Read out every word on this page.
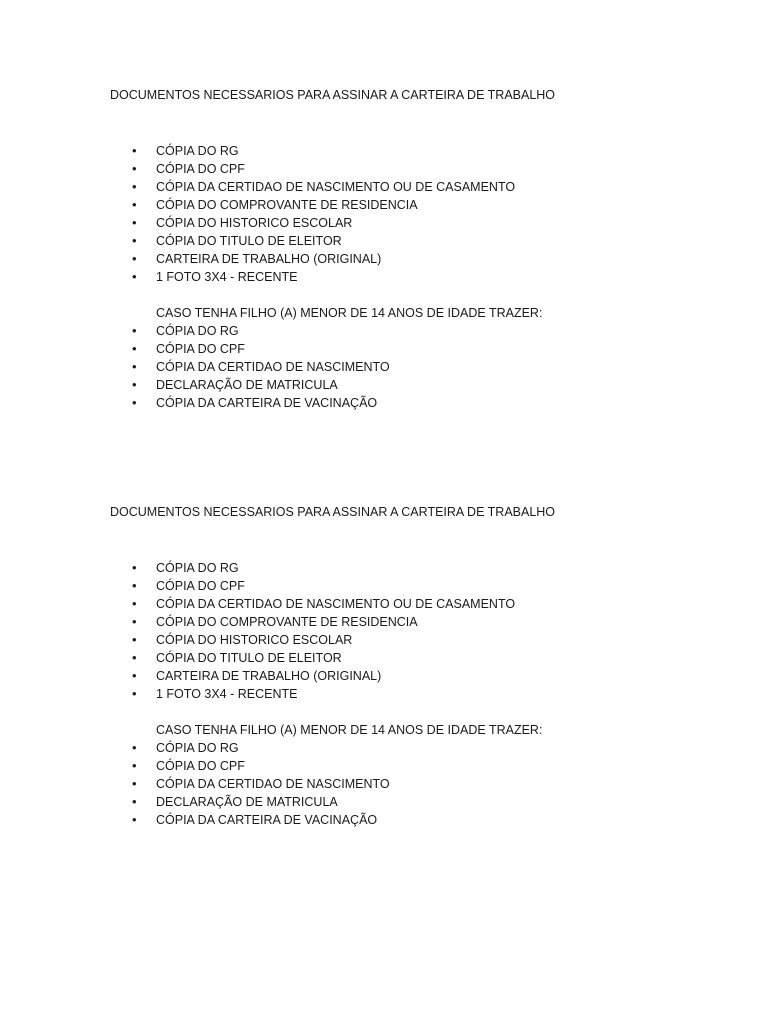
DOCUMENTOS NECESSARIOS PARA ASSINAR A CARTEIRA DE TRABALHO
• CÓPIA DO RG
• CÓPIA DO CPF
• CÓPIA DA CERTIDAO DE NASCIMENTO OU DE CASAMENTO
• CÓPIA DO COMPROVANTE DE RESIDENCIA
• CÓPIA DO HISTORICO ESCOLAR
• CÓPIA DO TITULO DE ELEITOR
• CARTEIRA DE TRABALHO (ORIGINAL)
• 1 FOTO 3X4 - RECENTE
CASO TENHA FILHO (A) MENOR DE 14 ANOS DE IDADE TRAZER:
• CÓPIA DO RG
• CÓPIA DO CPF
• CÓPIA DA CERTIDAO DE NASCIMENTO
• DECLARAÇÃO DE MATRICULA
• CÓPIA DA CARTEIRA DE VACINAÇÃO
DOCUMENTOS NECESSARIOS PARA ASSINAR A CARTEIRA DE TRABALHO
• CÓPIA DO RG
• CÓPIA DO CPF
• CÓPIA DA CERTIDAO DE NASCIMENTO OU DE CASAMENTO
• CÓPIA DO COMPROVANTE DE RESIDENCIA
• CÓPIA DO HISTORICO ESCOLAR
• CÓPIA DO TITULO DE ELEITOR
• CARTEIRA DE TRABALHO (ORIGINAL)
• 1 FOTO 3X4 - RECENTE
CASO TENHA FILHO (A) MENOR DE 14 ANOS DE IDADE TRAZER:
• CÓPIA DO RG
• CÓPIA DO CPF
• CÓPIA DA CERTIDAO DE NASCIMENTO
• DECLARAÇÃO DE MATRICULA
• CÓPIA DA CARTEIRA DE VACINAÇÃO
